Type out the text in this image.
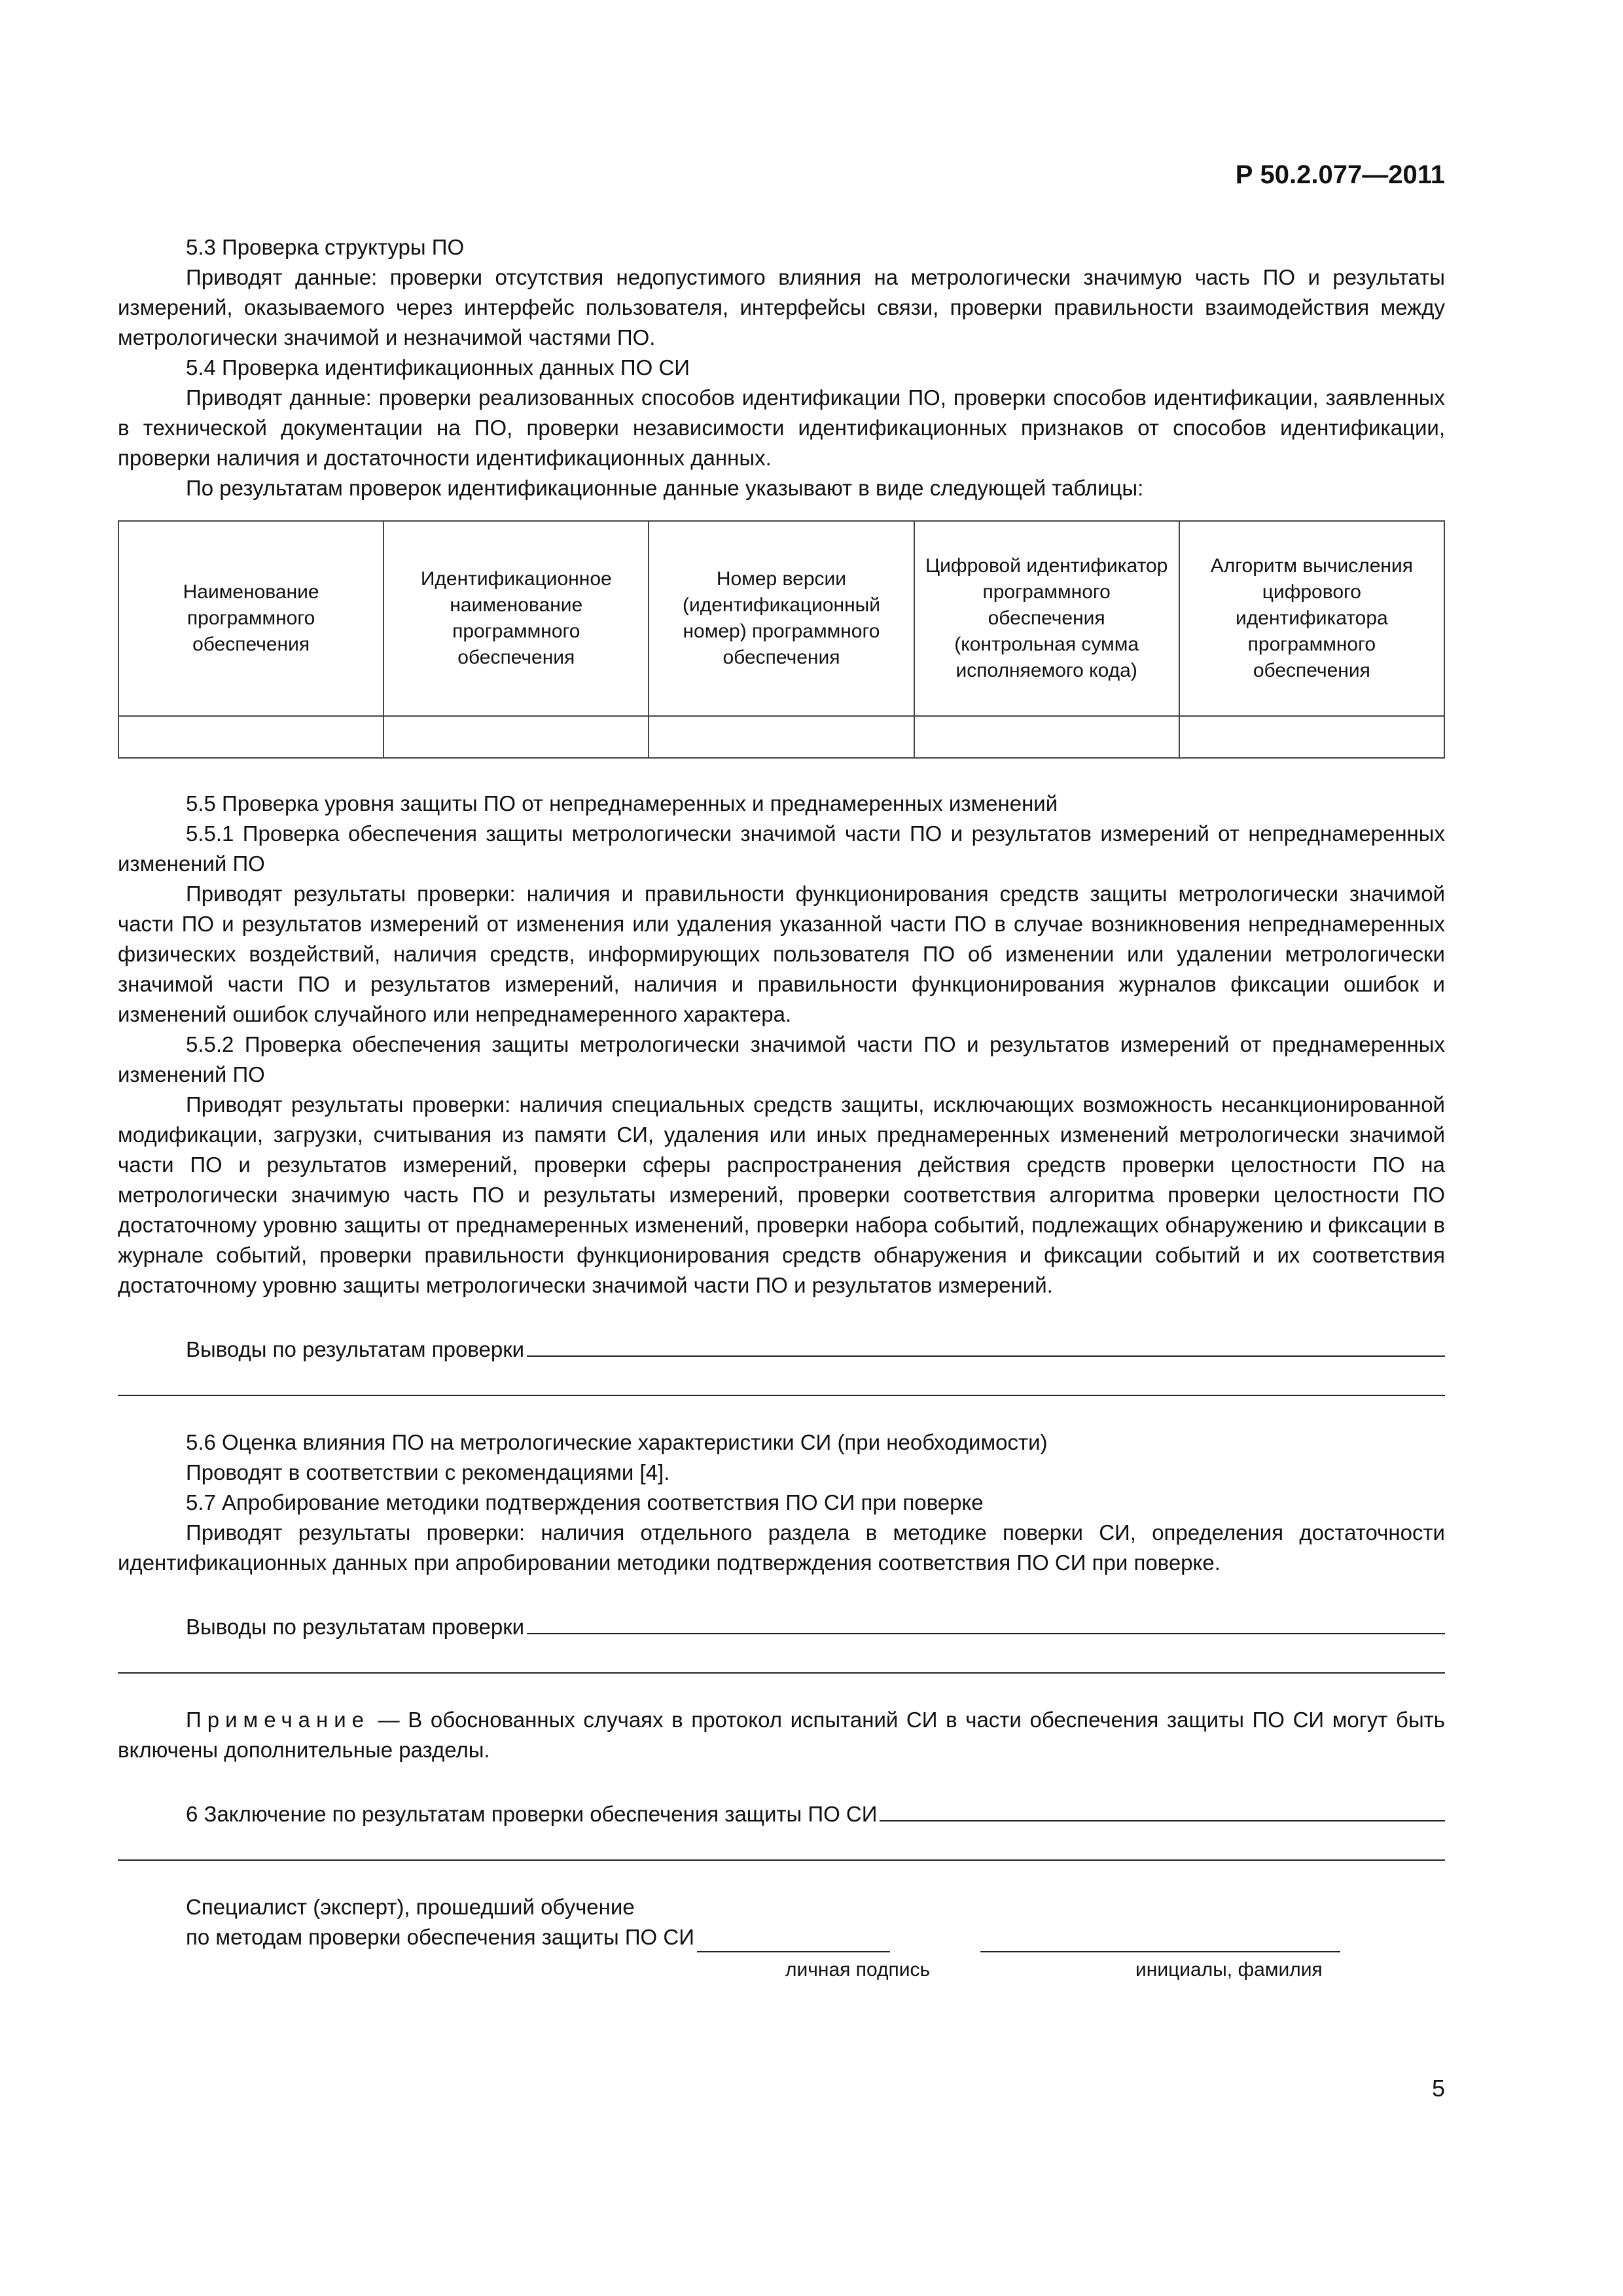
Р 50.2.077—2011

5.3 Проверка структуры ПО

Приводят данные: проверки отсутствия недопустимого влияния на метрологически значимую часть ПО и результаты измерений, оказываемого через интерфейс пользователя, интерфейсы связи, проверки правильности взаимодействия между метрологически значимой и незначимой частями ПО.

5.4 Проверка идентификационных данных ПО СИ

Приводят данные: проверки реализованных способов идентификации ПО, проверки способов идентификации, заявленных в технической документации на ПО, проверки независимости идентификационных признаков от способов идентификации, проверки наличия и достаточности идентификационных данных.

По результатам проверок идентификационные данные указывают в виде следующей таблицы:

Наименование программного обеспечения	Идентификационное наименование программного обеспечения	Номер версии (идентификационный номер) программного обеспечения	Цифровой идентификатор программного обеспечения (контрольная сумма исполняемого кода)	Алгоритм вычисления цифрового идентификатора программного обеспечения

5.5 Проверка уровня защиты ПО от непреднамеренных и преднамеренных изменений

5.5.1 Проверка обеспечения защиты метрологически значимой части ПО и результатов измерений от непреднамеренных изменений ПО

Приводят результаты проверки: наличия и правильности функционирования средств защиты метрологически значимой части ПО и результатов измерений от изменения или удаления указанной части ПО в случае возникновения непреднамеренных физических воздействий, наличия средств, информирующих пользователя ПО об изменении или удалении метрологически значимой части ПО и результатов измерений, наличия и правильности функционирования журналов фиксации ошибок и изменений ошибок случайного или непреднамеренного характера.

5.5.2 Проверка обеспечения защиты метрологически значимой части ПО и результатов измерений от преднамеренных изменений ПО

Приводят результаты проверки: наличия специальных средств защиты, исключающих возможность несанкционированной модификации, загрузки, считывания из памяти СИ, удаления или иных преднамеренных изменений метрологически значимой части ПО и результатов измерений, проверки сферы распространения действия средств проверки целостности ПО на метрологически значимую часть ПО и результаты измерений, проверки соответствия алгоритма проверки целостности ПО достаточному уровню защиты от преднамеренных изменений, проверки набора событий, подлежащих обнаружению и фиксации в журнале событий, проверки правильности функционирования средств обнаружения и фиксации событий и их соответствия достаточному уровню защиты метрологически значимой части ПО и результатов измерений.

Выводы по результатам проверки

5.6 Оценка влияния ПО на метрологические характеристики СИ (при необходимости)

Проводят в соответствии с рекомендациями [4].

5.7 Апробирование методики подтверждения соответствия ПО СИ при поверке

Приводят результаты проверки: наличия отдельного раздела в методике поверки СИ, определения достаточности идентификационных данных при апробировании методики подтверждения соответствия ПО СИ при поверке.

Выводы по результатам проверки

Примечание — В обоснованных случаях в протокол испытаний СИ в части обеспечения защиты ПО СИ могут быть включены дополнительные разделы.

6 Заключение по результатам проверки обеспечения защиты ПО СИ

Специалист (эксперт), прошедший обучение

по методам проверки обеспечения защиты ПО СИ
личная подпись	инициалы, фамилия
5
